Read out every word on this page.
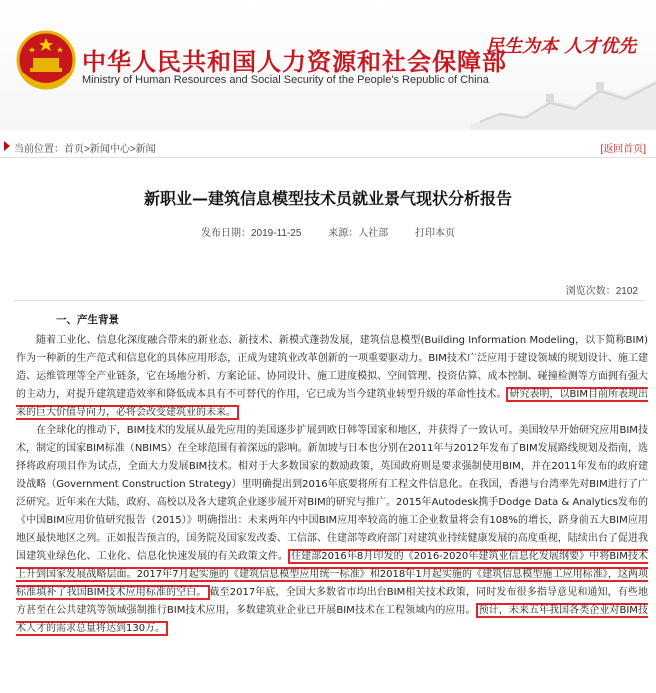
中华人民共和国人力资源和社会保障部
Ministry of Human Resources and Social Security of the People's Republic of China
民生为本 人才优先
当前位置： 首页>新闻中心>新闻	[返回首页]
新职业—建筑信息模型技术员就业景气现状分析报告
发布日期：2019-11-25	来源：人社部	打印本页
浏览次数：2102
一、产生背景

随着工业化、信息化深度融合带来的新业态、新技术、新模式蓬勃发展，建筑信息模型(Building Information Modeling，以下简称BIM)作为一种新的生产范式和信息化的具体应用形态，正成为建筑业改革创新的一项重要驱动力。BIM技术广泛应用于建设领域的规划设计、施工建造、运维管理等全产业链条，它在场地分析、方案论证、协同设计、施工进度模拟、空间管理、投资估算、成本控制、碰撞检测等方面拥有强大的主动力，对提升建筑建造效率和降低成本具有不可替代的作用，它已成为当今建筑业转型升级的革命性技术。 研究表明，以BIM目前所表现出来的巨大价值导向力，必将会改变建筑业的未来。

在全球化的推动下，BIM技术的发展从最先应用的美国逐步扩展到欧日韩等国家和地区，并获得了一致认可。美国较早开始研究应用BIM技术，制定的国家BIM标准（NBIMS）在全球范围有着深远的影响。新加坡与日本也分别在2011年与2012年发布了BIM发展路线规划及指南，选择将政府项目作为试点，全面大力发展BIM技术。相对于大多数国家的数励政策，英国政府则是要求强制使用BIM，并在2011年发布的政府建设战略（Government Construction Strategy）里明确提出到2016年底要将所有工程文件信息化。在我国，香港与台湾率先对BIM进行了广泛研究。近年来在大陆，政府、高校以及各大建筑企业逐步展开对BIM的研究与推广。2015年Autodesk携手Dodge Data & Analytics发布的《中国BIM应用价值研究报告（2015）》明确指出：未来两年内中国BIM应用率较高的施工企业数量将会有108%的增长，跻身前五大BIM应用地区最快地区之列。正如报告预言的，国务院及国家发改委、工信部、住建部等政府部门对建筑业持续健康发展的高度重视，陆续出台了促进我国建筑业绿色化、工业化、信息化快速发展的有关政策文件。 住建部2016年8月印发的《2016-2020年建筑业信息化发展纲要》中将BIM技术上升到国家发展战略层面。2017年7月起实施的《建筑信息模型应用统一标准》和2018年1月起实施的《建筑信息模型施工应用标准》，这两项标准填补了我国BIM技术应用标准的空白。 截至2017年底，全国大多数省市均出台BIM相关技术政策，同时发布很多指导意见和通知，有些地方甚至在公共建筑等领域强制推行BIM技术应用，多数建筑业企业已开展BIM技术在工程领域内的应用。 预计，未来五年我国各类企业对BIM技术人才的需求总量将达到130万。
